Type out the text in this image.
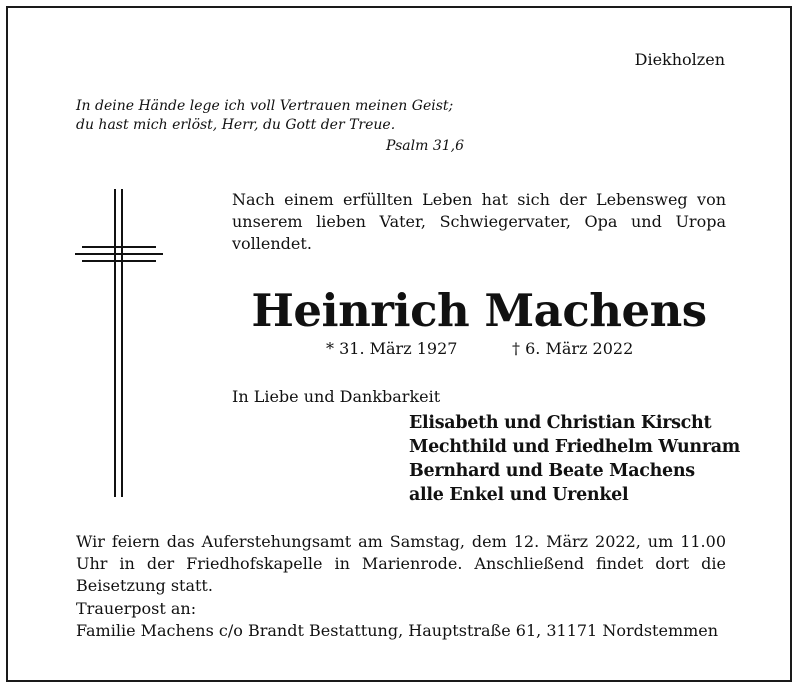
Diekholzen
In deine Hände lege ich voll Vertrauen meinen Geist;
du hast mich erlöst, Herr, du Gott der Treue.
Psalm 31,6
Nach einem erfüllten Leben hat sich der Lebensweg von unserem lieben Vater, Schwiegervater, Opa und Uropa vollendet.
Heinrich Machens
* 31. März 1927	† 6. März 2022
In Liebe und Dankbarkeit
Elisabeth und Christian Kirscht
Mechthild und Friedhelm Wunram
Bernhard und Beate Machens
alle Enkel und Urenkel
Wir feiern das Auferstehungsamt am Samstag, dem 12. März 2022, um 11.00 Uhr in der Friedhofskapelle in Marienrode. Anschließend findet dort die Beisetzung statt.
Trauerpost an:
Familie Machens c/o Brandt Bestattung, Hauptstraße 61, 31171 Nordstemmen
